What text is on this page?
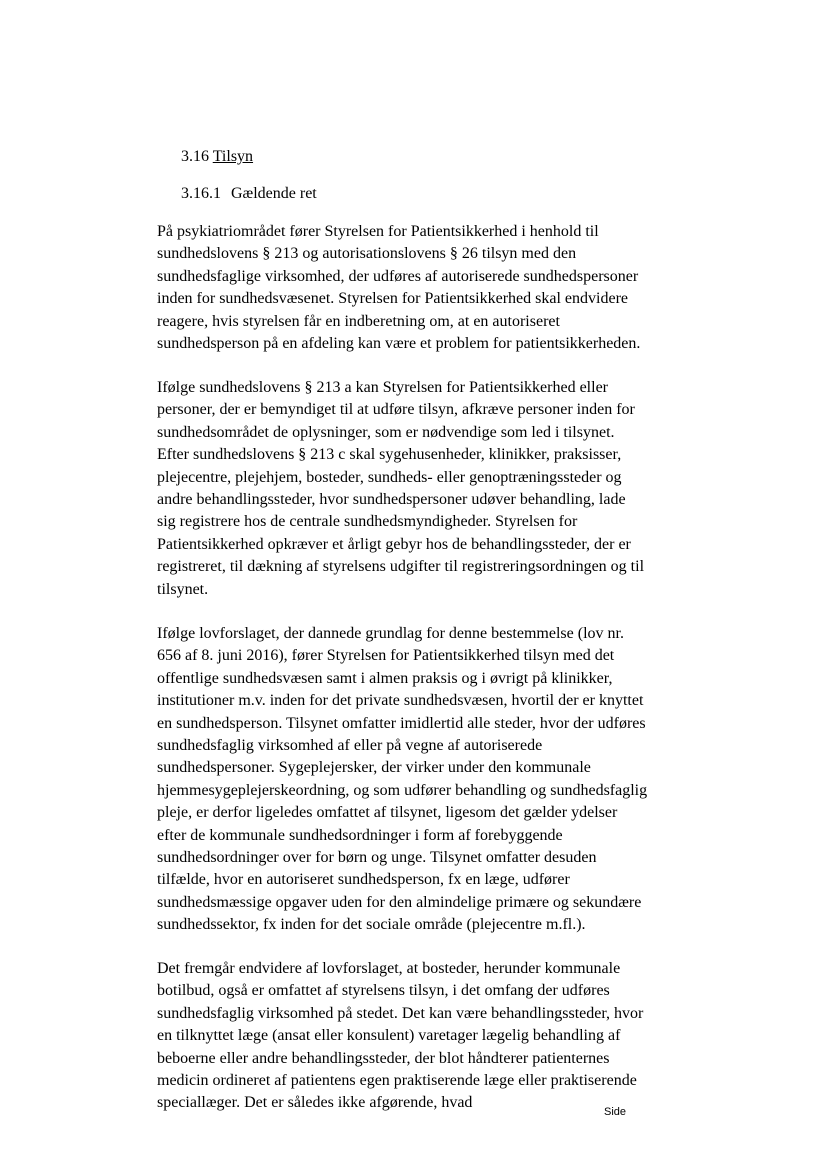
3.16 Tilsyn
3.16.1 Gældende ret
På psykiatriområdet fører Styrelsen for Patientsikkerhed i henhold til
sundhedslovens § 213 og autorisationslovens § 26 tilsyn med den
sundhedsfaglige virksomhed, der udføres af autoriserede sundhedspersoner
inden for sundhedsvæsenet. Styrelsen for Patientsikkerhed skal endvidere
reagere, hvis styrelsen får en indberetning om, at en autoriseret
sundhedsperson på en afdeling kan være et problem for patientsikkerheden.
Ifølge sundhedslovens § 213 a kan Styrelsen for Patientsikkerhed eller
personer, der er bemyndiget til at udføre tilsyn, afkræve personer inden for
sundhedsområdet de oplysninger, som er nødvendige som led i tilsynet.
Efter sundhedslovens § 213 c skal sygehusenheder, klinikker, praksisser,
plejecentre, plejehjem, bosteder, sundheds- eller genoptræningssteder og
andre behandlingssteder, hvor sundhedspersoner udøver behandling, lade
sig registrere hos de centrale sundhedsmyndigheder. Styrelsen for
Patientsikkerhed opkræver et årligt gebyr hos de behandlingssteder, der er
registreret, til dækning af styrelsens udgifter til registreringsordningen og til
tilsynet.
Ifølge lovforslaget, der dannede grundlag for denne bestemmelse (lov nr.
656 af 8. juni 2016), fører Styrelsen for Patientsikkerhed tilsyn med det
offentlige sundhedsvæsen samt i almen praksis og i øvrigt på klinikker,
institutioner m.v. inden for det private sundhedsvæsen, hvortil der er knyttet
en sundhedsperson. Tilsynet omfatter imidlertid alle steder, hvor der udføres
sundhedsfaglig virksomhed af eller på vegne af autoriserede
sundhedspersoner. Sygeplejersker, der virker under den kommunale
hjemmesygeplejerskeordning, og som udfører behandling og sundhedsfaglig
pleje, er derfor ligeledes omfattet af tilsynet, ligesom det gælder ydelser
efter de kommunale sundhedsordninger i form af forebyggende
sundhedsordninger over for børn og unge. Tilsynet omfatter desuden
tilfælde, hvor en autoriseret sundhedsperson, fx en læge, udfører
sundhedsmæssige opgaver uden for den almindelige primære og sekundære
sundhedssektor, fx inden for det sociale område (plejecentre m.fl.).
Det fremgår endvidere af lovforslaget, at bosteder, herunder kommunale
botilbud, også er omfattet af styrelsens tilsyn, i det omfang der udføres
sundhedsfaglig virksomhed på stedet. Det kan være behandlingssteder, hvor
en tilknyttet læge (ansat eller konsulent) varetager lægelig behandling af
beboerne eller andre behandlingssteder, der blot håndterer patienternes
medicin ordineret af patientens egen praktiserende læge eller praktiserende
speciallæger. Det er således ikke afgørende, hvad
Side
